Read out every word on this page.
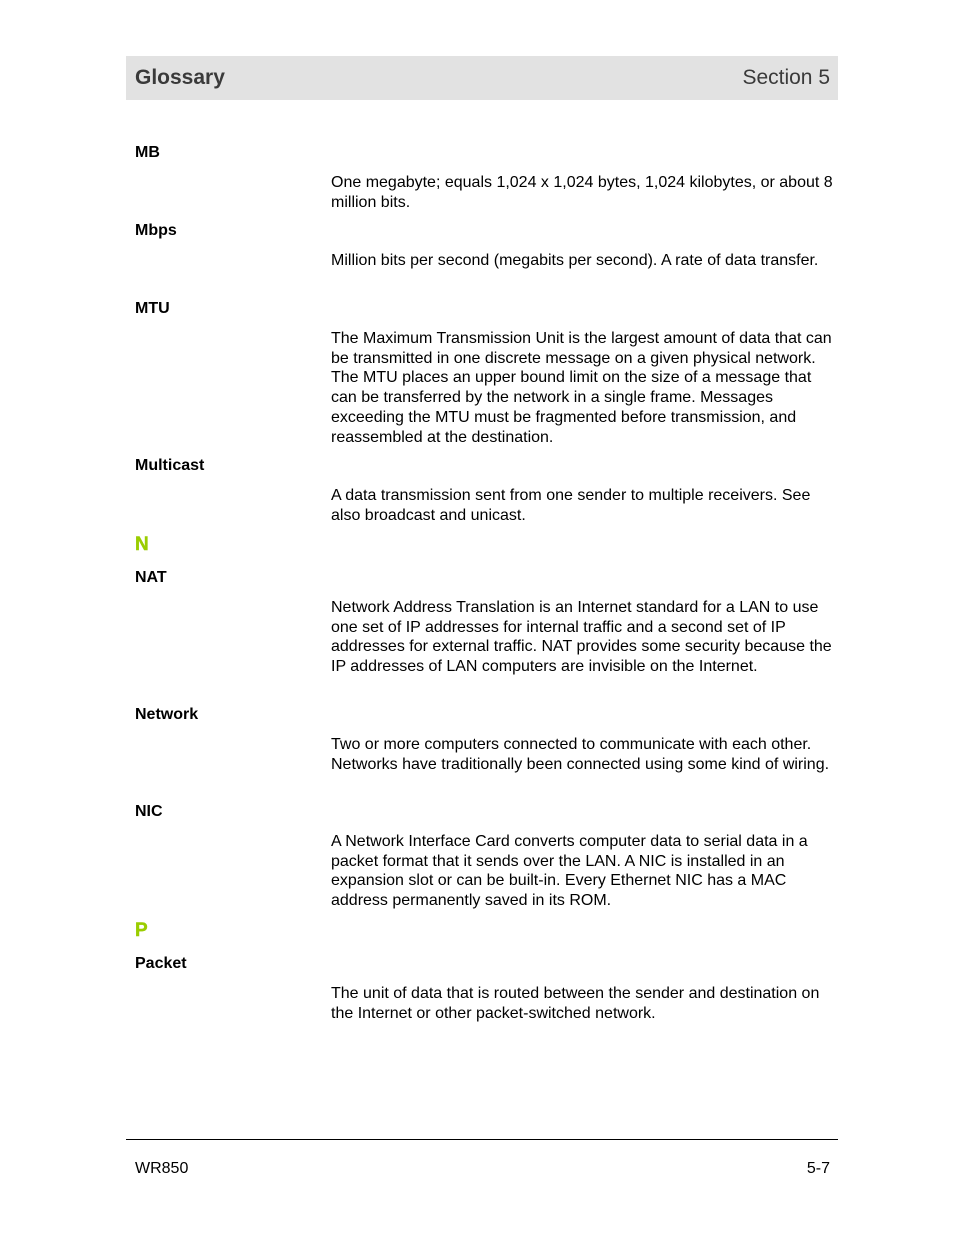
Glossary	Section 5
MB
One megabyte; equals 1,024 x 1,024 bytes, 1,024 kilobytes, or about 8 million bits.
Mbps
Million bits per second (megabits per second). A rate of data transfer.
MTU
The Maximum Transmission Unit is the largest amount of data that can be transmitted in one discrete message on a given physical network. The MTU places an upper bound limit on the size of a message that can be transferred by the network in a single frame. Messages exceeding the MTU must be fragmented before transmission, and reassembled at the destination.
Multicast
A data transmission sent from one sender to multiple receivers. See also broadcast and unicast.
N
NAT
Network Address Translation is an Internet standard for a LAN to use one set of IP addresses for internal traffic and a second set of IP addresses for external traffic. NAT provides some security because the IP addresses of LAN computers are invisible on the Internet.
Network
Two or more computers connected to communicate with each other. Networks have traditionally been connected using some kind of wiring.
NIC
A Network Interface Card converts computer data to serial data in a packet format that it sends over the LAN. A NIC is installed in an expansion slot or can be built-in. Every Ethernet NIC has a MAC address permanently saved in its ROM.
P
Packet
The unit of data that is routed between the sender and destination on the Internet or other packet-switched network.
WR850	5-7
